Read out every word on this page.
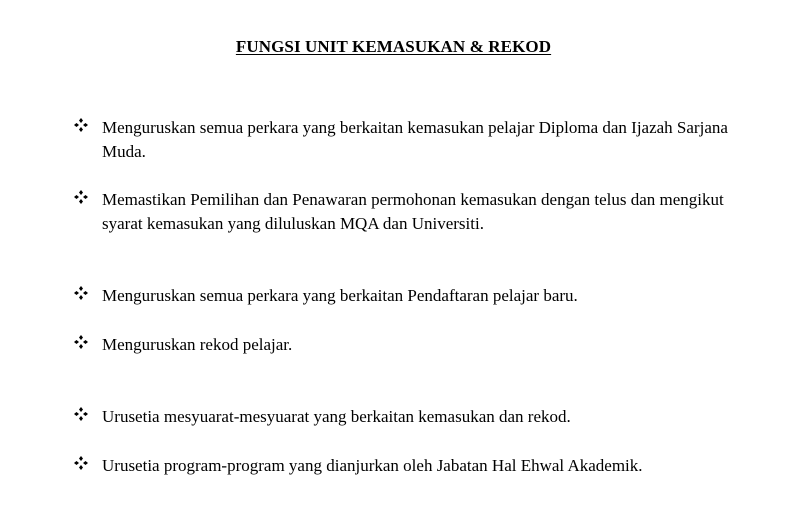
FUNGSI UNIT KEMASUKAN & REKOD
Menguruskan semua perkara yang berkaitan kemasukan pelajar Diploma dan Ijazah Sarjana Muda.
Memastikan Pemilihan dan Penawaran permohonan kemasukan dengan telus dan mengikut syarat kemasukan yang diluluskan MQA dan Universiti.
Menguruskan semua perkara yang berkaitan Pendaftaran pelajar baru.
Menguruskan rekod pelajar.
Urusetia mesyuarat-mesyuarat yang berkaitan kemasukan dan rekod.
Urusetia program-program yang dianjurkan oleh Jabatan Hal Ehwal Akademik.
